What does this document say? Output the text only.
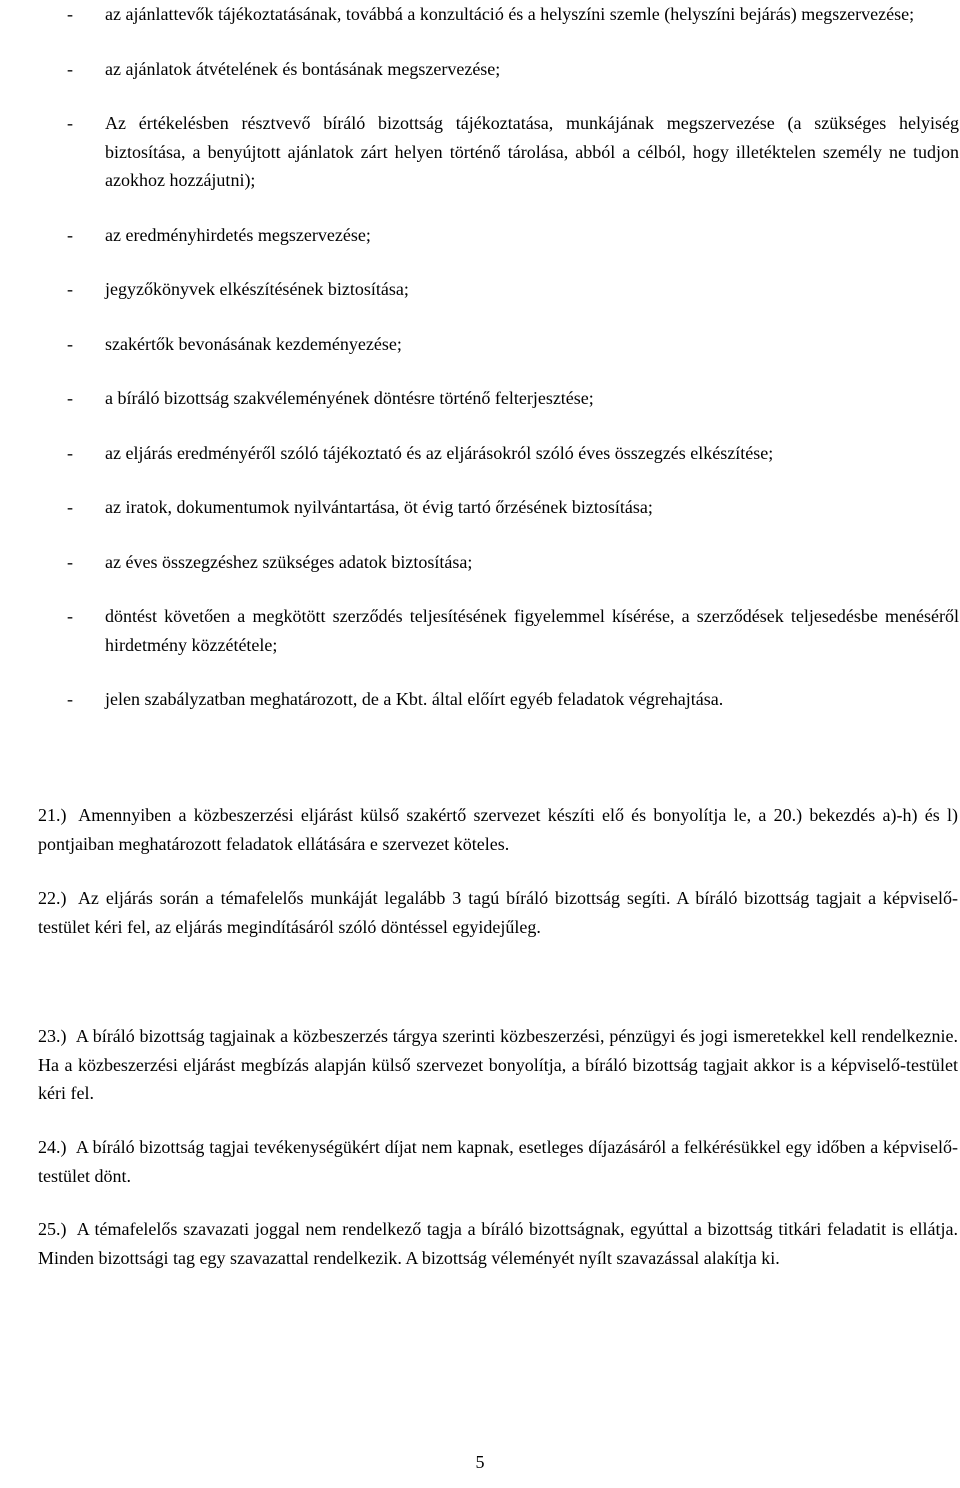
- az ajánlattevők tájékoztatásának, továbbá a konzultáció és a helyszíni szemle (helyszíni bejárás) megszervezése;
- az ajánlatok átvételének és bontásának megszervezése;
- Az értékelésben résztvevő bíráló bizottság tájékoztatása, munkájának megszervezése (a szükséges helyiség biztosítása, a benyújtott ajánlatok zárt helyen történő tárolása, abból a célból, hogy illetéktelen személy ne tudjon azokhoz hozzájutni);
- az eredményhirdetés megszervezése;
- jegyzőkönyvek elkészítésének biztosítása;
- szakértők bevonásának kezdeményezése;
- a bíráló bizottság szakvéleményének döntésre történő felterjesztése;
- az eljárás eredményéről szóló tájékoztató és az eljárásokról szóló éves összegzés elkészítése;
- az iratok, dokumentumok nyilvántartása, öt évig tartó őrzésének biztosítása;
- az éves összegzéshez szükséges adatok biztosítása;
- döntést követően a megkötött szerződés teljesítésének figyelemmel kísérése, a szerződések teljesedésbe menéséről hirdetmény közzététele;
- jelen szabályzatban meghatározott, de a Kbt. által előírt egyéb feladatok végrehajtása.

21.) Amennyiben a közbeszerzési eljárást külső szakértő szervezet készíti elő és bonyolítja le, a 20.) bekezdés a)-h) és l) pontjaiban meghatározott feladatok ellátására e szervezet köteles.

22.) Az eljárás során a témafelelős munkáját legalább 3 tagú bíráló bizottság segíti. A bíráló bizottság tagjait a képviselő-testület kéri fel, az eljárás megindításáról szóló döntéssel egyidejűleg.

23.) A bíráló bizottság tagjainak a közbeszerzés tárgya szerinti közbeszerzési, pénzügyi és jogi ismeretekkel kell rendelkeznie. Ha a közbeszerzési eljárást megbízás alapján külső szervezet bonyolítja, a bíráló bizottság tagjait akkor is a képviselő-testület kéri fel.

24.) A bíráló bizottság tagjai tevékenységükért díjat nem kapnak, esetleges díjazásáról a felkérésükkel egy időben a képviselő-testület dönt.

25.) A témafelelős szavazati joggal nem rendelkező tagja a bíráló bizottságnak, egyúttal a bizottság titkári feladatit is ellátja. Minden bizottsági tag egy szavazattal rendelkezik. A bizottság véleményét nyílt szavazással alakítja ki.

5
